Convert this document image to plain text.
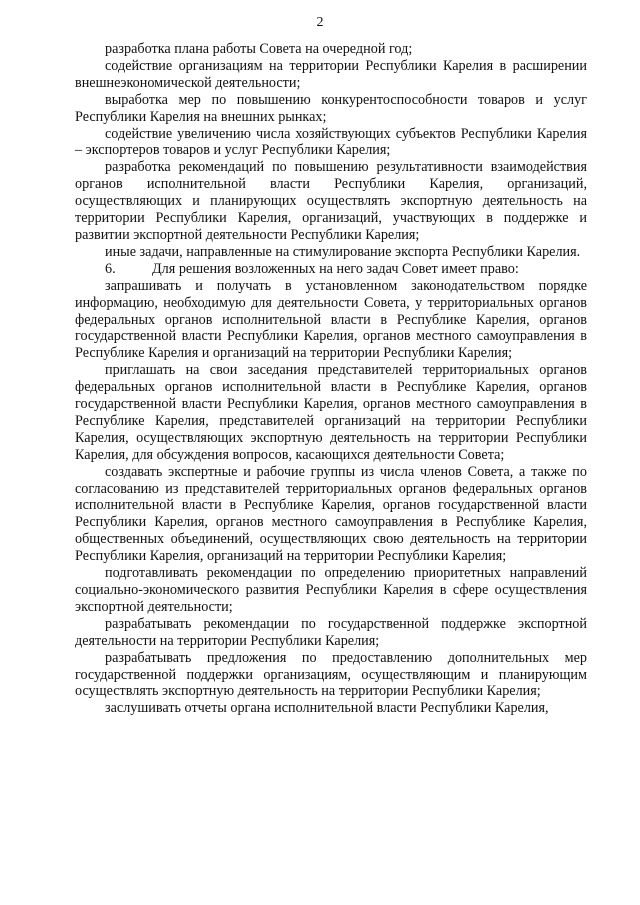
2

разработка плана работы Совета на очередной год;

содействие организациям на территории Республики Карелия в расширении внешнеэкономической деятельности;

выработка мер по повышению конкурентоспособности товаров и услуг Республики Карелия на внешних рынках;

содействие увеличению числа хозяйствующих субъектов Республики Карелия – экспортеров товаров и услуг Республики Карелия;

разработка рекомендаций по повышению результативности взаимодействия органов исполнительной власти Республики Карелия, организаций, осуществляющих и планирующих осуществлять экспортную деятельность на территории Республики Карелия, организаций, участвующих в поддержке и развитии экспортной деятельности Республики Карелия;

иные задачи, направленные на стимулирование экспорта Республики Карелия.

6.	Для решения возложенных на него задач Совет имеет право:

запрашивать и получать в установленном законодательством порядке информацию, необходимую для деятельности Совета, у территориальных органов федеральных органов исполнительной власти в Республике Карелия, органов государственной власти Республики Карелия, органов местного самоуправления в Республике Карелия и организаций на территории Республики Карелия;

приглашать на свои заседания представителей территориальных органов федеральных органов исполнительной власти в Республике Карелия, органов государственной власти Республики Карелия, органов местного самоуправления в Республике Карелия, представителей организаций на территории Республики Карелия, осуществляющих экспортную деятельность на территории Республики Карелия, для обсуждения вопросов, касающихся деятельности Совета;

создавать экспертные и рабочие группы из числа членов Совета, а также по согласованию из представителей территориальных органов федеральных органов исполнительной власти в Республике Карелия, органов государственной власти Республики Карелия, органов местного самоуправления в Республике Карелия, общественных объединений, осуществляющих свою деятельность на территории Республики Карелия, организаций на территории Республики Карелия;

подготавливать рекомендации по определению приоритетных направлений социально-экономического развития Республики Карелия в сфере осуществления экспортной деятельности;

разрабатывать рекомендации по государственной поддержке экспортной деятельности на территории Республики Карелия;

разрабатывать предложения по предоставлению дополнительных мер государственной поддержки организациям, осуществляющим и планирующим осуществлять экспортную деятельность на территории Республики Карелия;

заслушивать отчеты органа исполнительной власти Республики Карелия,
